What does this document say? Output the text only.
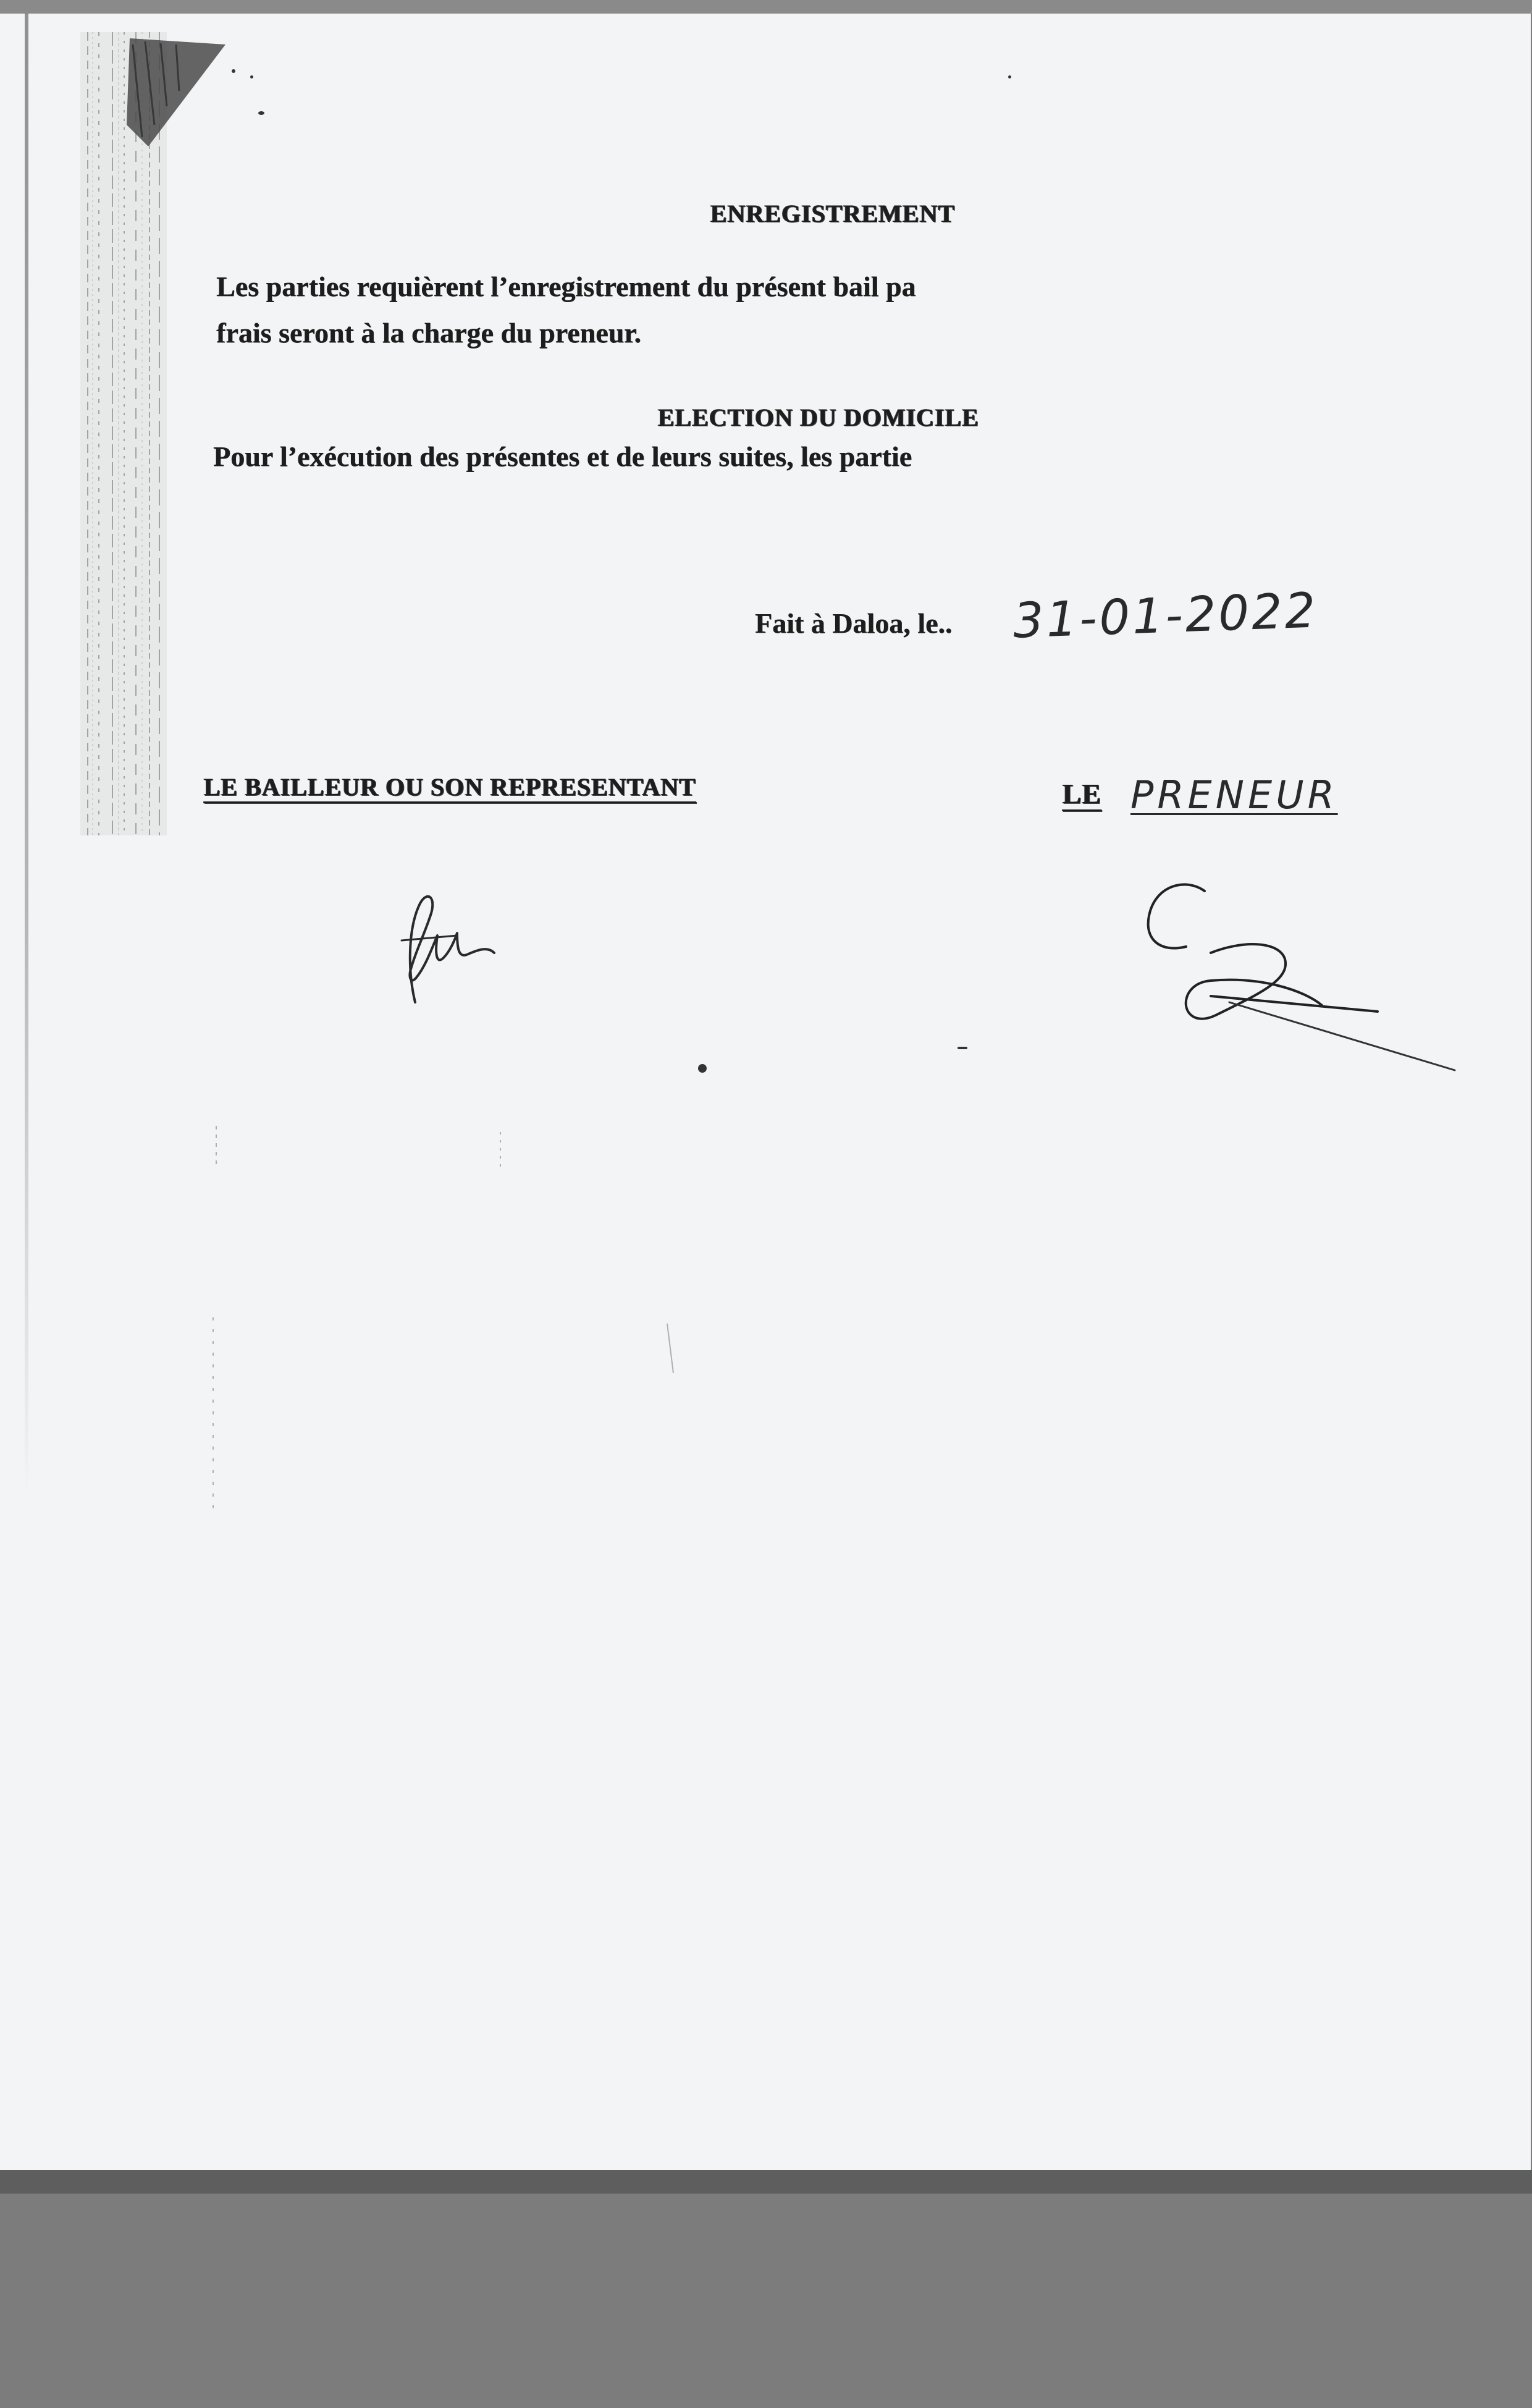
ENREGISTREMENT
Les parties requièrent l’enregistrement du présent bail pa
frais seront à la charge du preneur.
ELECTION DU DOMICILE
Pour l’exécution des présentes et de leurs suites, les partie
Fait à Daloa, le.. 31-01-2022
LE BAILLEUR OU SON REPRESENTANT	LE PRENEUR
